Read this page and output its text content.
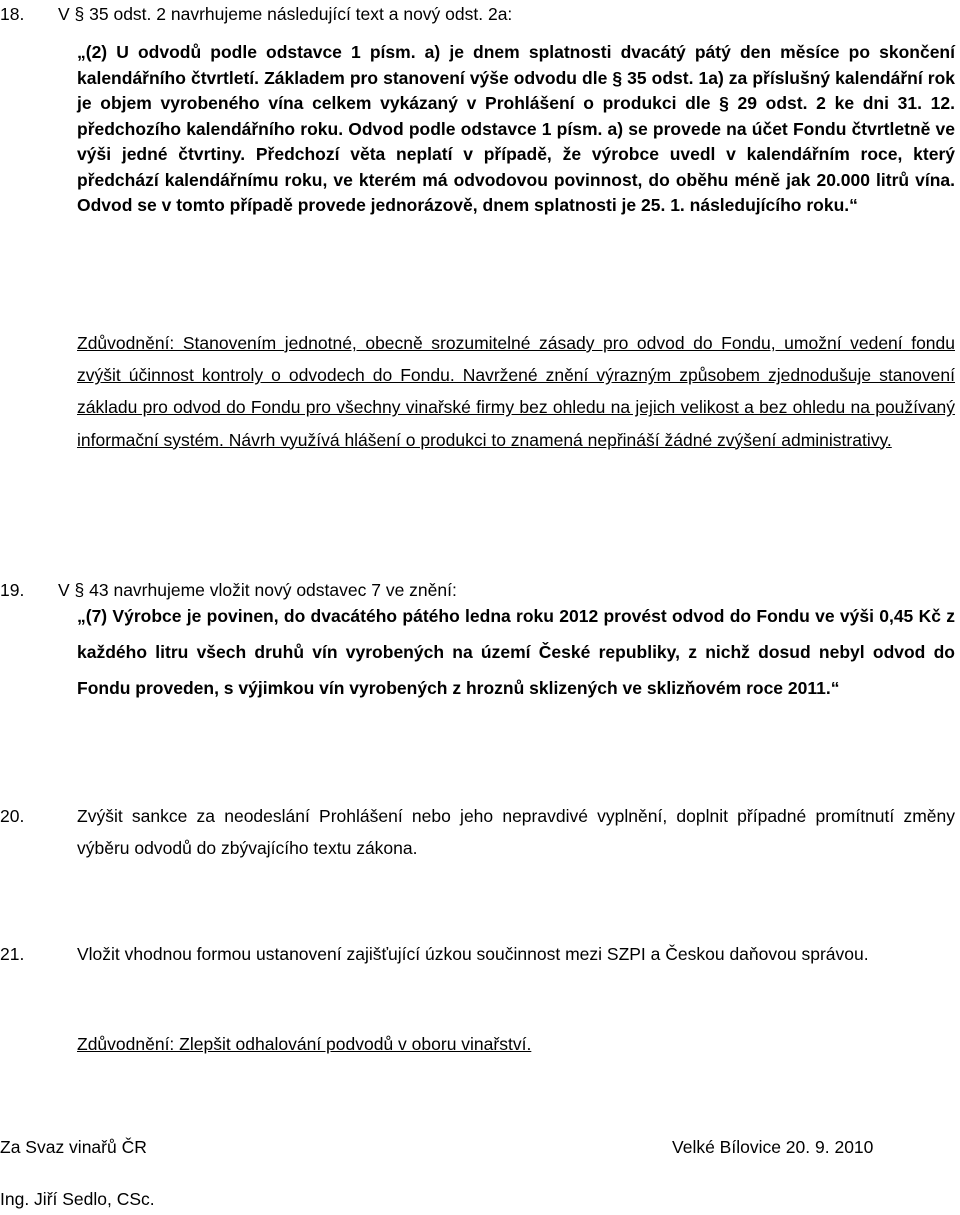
18. V § 35 odst. 2 navrhujeme následující text a nový odst. 2a:
„(2) U odvodů podle odstavce 1 písm. a) je dnem splatnosti dvacátý pátý den měsíce po skončení kalendářního čtvrtletí. Základem pro stanovení výše odvodu dle § 35 odst. 1a) za příslušný kalendářní rok je objem vyrobeného vína celkem vykázaný v Prohlášení o produkci dle § 29 odst. 2 ke dni 31. 12. předchozího kalendářního roku. Odvod podle odstavce 1 písm. a) se provede na účet Fondu čtvrtletně ve výši jedné čtvrtiny. Předchozí věta neplatí v případě, že výrobce uvedl v kalendářním roce, který předchází kalendářnímu roku, ve kterém má odvodovou povinnost, do oběhu méně jak 20.000 litrů vína. Odvod se v tomto případě provede jednorázově, dnem splatnosti je 25. 1. následujícího roku.“
Zdůvodnění: Stanovením jednotné, obecně srozumitelné zásady pro odvod do Fondu, umožní vedení fondu zvýšit účinnost kontroly o odvodech do Fondu. Navržené znění výrazným způsobem zjednodušuje stanovení základu pro odvod do Fondu pro všechny vinařské firmy bez ohledu na jejich velikost a bez ohledu na používaný informační systém. Návrh využívá hlášení o produkci to znamená nepřináší žádné zvýšení administrativy.
19. V § 43 navrhujeme vložit nový odstavec 7 ve znění:
„(7) Výrobce je povinen, do dvacátého pátého ledna roku 2012 provést odvod do Fondu ve výši 0,45 Kč z každého litru všech druhů vín vyrobených na území České republiky, z nichž dosud nebyl odvod do Fondu proveden, s výjimkou vín vyrobených z hroznů sklizených ve sklizňovém roce 2011.“
20.	Zvýšit sankce za neodeslání Prohlášení nebo jeho nepravdivé vyplnění, doplnit případné promítnutí změny výběru odvodů do zbývajícího textu zákona.
21.	Vložit vhodnou formou ustanovení zajišťující úzkou součinnost mezi SZPI a Českou daňovou správou.
Zdůvodnění: Zlepšit odhalování podvodů v oboru vinařství.
Za Svaz vinařů ČR	Velké Bílovice 20. 9. 2010
Ing. Jiří Sedlo, CSc.
